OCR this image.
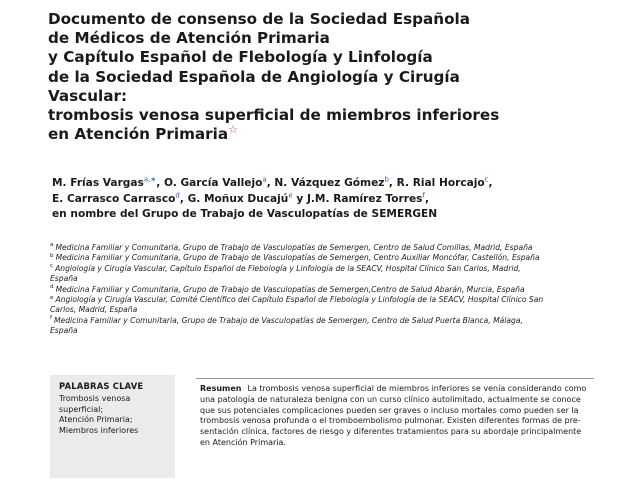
Documento de consenso de la Sociedad Española
de Médicos de Atención Primaria
y Capítulo Español de Flebología y Linfología
de la Sociedad Española de Angiología y Cirugía
Vascular:
trombosis venosa superficial de miembros inferiores
en Atención Primaria☆
M. Frías Vargas$^{a,∗}$, O. García Vallejo$^a$, N. Vázquez Gómez$^b$, R. Rial Horcajo$^c$,
E. Carrasco Carrasco$^d$, G. Moñux Ducajú$^e$ y J.M. Ramírez Torres$^f$,
en nombre del Grupo de Trabajo de Vasculopatías de SEMERGEN
$^a$ Medicina Familiar y Comunitaria, Grupo de Trabajo de Vasculopatías de Semergen, Centro de Salud Comillas, Madrid, España
$^b$ Medicina Familiar y Comunitaria, Grupo de Trabajo de Vasculopatías de Semergen, Centro Auxiliar Moncófar, Castellón, España
$^c$ Angiología y Cirugía Vascular, Capítulo Español de Flebología y Linfología de la SEACV, Hospital Clínico San Carlos, Madrid,
España
$^d$ Medicina Familiar y Comunitaria, Grupo de Trabajo de Vasculopatías de Semergen,Centro de Salud Abarán, Murcia, España
$^e$ Angiología y Cirugía Vascular, Comité Científico del Capítulo Español de Flebología y Linfología de la SEACV, Hospital Clínico San
Carlos, Madrid, España
$^f$ Medicina Familiar y Comunitaria, Grupo de Trabajo de Vasculopatías de Semergen, Centro de Salud Puerta Blanca, Málaga,
España
PALABRAS CLAVE
Trombosis venosa
superficial;
Atención Primaria;
Miembros inferiores
Resumen La trombosis venosa superficial de miembros inferiores se venía considerando como
una patología de naturaleza benigna con un curso clínico autolimitado, actualmente se conoce
que sus potenciales complicaciones pueden ser graves o incluso mortales como pueden ser la
trombosis venosa profunda o el tromboembolismo pulmonar. Existen diferentes formas de pre-
sentación clínica, factores de riesgo y diferentes tratamientos para su abordaje principalmente
en Atención Primaria.
